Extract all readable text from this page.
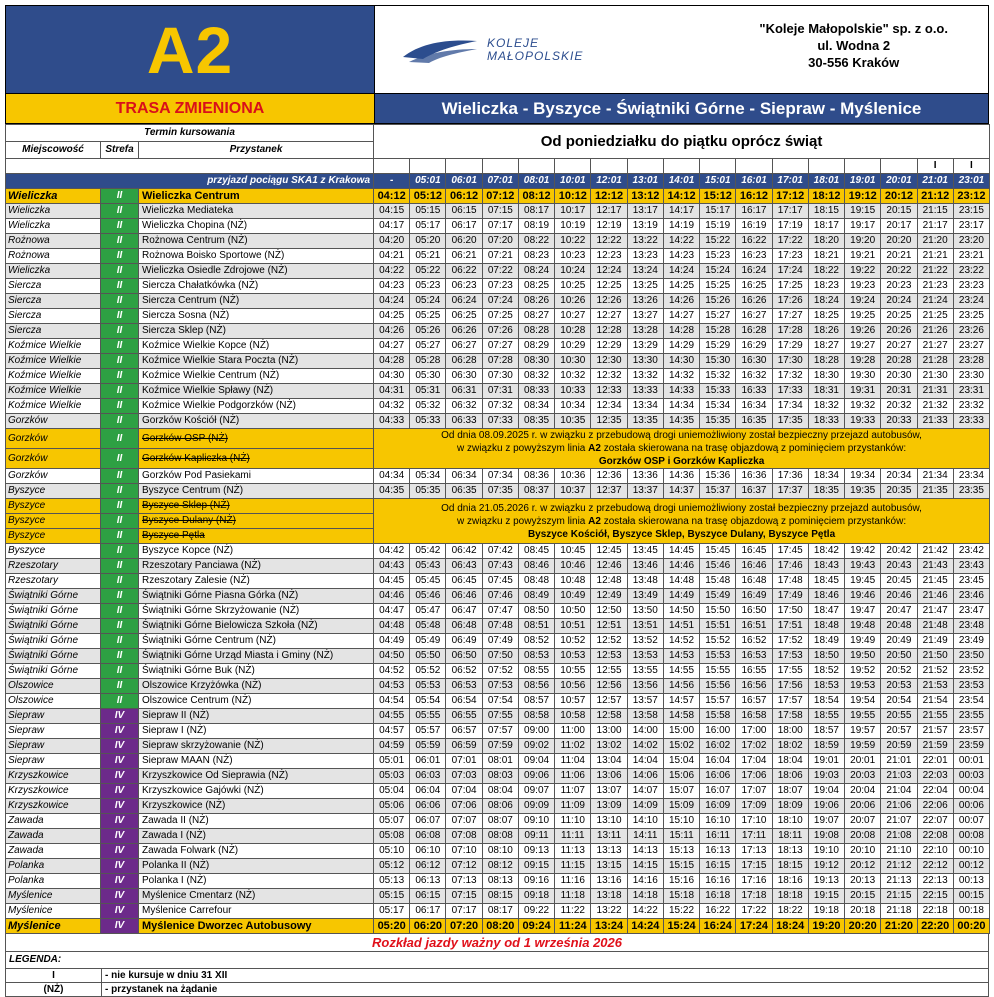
A2	KOLEJE
MAŁOPOLSKIE
"Koleje Małopolskie" sp. z o.o.
ul. Wodna 2
30-556 Kraków
TRASA ZMIENIONA	Wieliczka - Byszyce - Świątniki Górne - Siepraw - Myślenice
Termin kursowania			Od poniedziałku do piątku oprócz świąt																
Miejscowość	Strefa	Przystanek																	
																		I	I
przyjazd pociągu SKA1 z Krakowa			-	05:01	06:01	07:01	08:01	10:01	12:01	13:01	14:01	15:01	16:01	17:01	18:01	19:01	20:01	21:01	23:01
Wieliczka	II	Wieliczka Centrum	04:12	05:12	06:12	07:12	08:12	10:12	12:12	13:12	14:12	15:12	16:12	17:12	18:12	19:12	20:12	21:12	23:12
Wieliczka	II	Wieliczka Mediateka	04:15	05:15	06:15	07:15	08:17	10:17	12:17	13:17	14:17	15:17	16:17	17:17	18:15	19:15	20:15	21:15	23:15
Wieliczka	II	Wieliczka Chopina (NŻ)	04:17	05:17	06:17	07:17	08:19	10:19	12:19	13:19	14:19	15:19	16:19	17:19	18:17	19:17	20:17	21:17	23:17
Rożnowa	II	Rożnowa Centrum (NŻ)	04:20	05:20	06:20	07:20	08:22	10:22	12:22	13:22	14:22	15:22	16:22	17:22	18:20	19:20	20:20	21:20	23:20
Rożnowa	II	Rożnowa Boisko Sportowe (NŻ)	04:21	05:21	06:21	07:21	08:23	10:23	12:23	13:23	14:23	15:23	16:23	17:23	18:21	19:21	20:21	21:21	23:21
Wieliczka	II	Wieliczka Osiedle Zdrojowe (NŻ)	04:22	05:22	06:22	07:22	08:24	10:24	12:24	13:24	14:24	15:24	16:24	17:24	18:22	19:22	20:22	21:22	23:22
Siercza	II	Siercza Chałatkówka (NŻ)	04:23	05:23	06:23	07:23	08:25	10:25	12:25	13:25	14:25	15:25	16:25	17:25	18:23	19:23	20:23	21:23	23:23
Siercza	II	Siercza Centrum (NŻ)	04:24	05:24	06:24	07:24	08:26	10:26	12:26	13:26	14:26	15:26	16:26	17:26	18:24	19:24	20:24	21:24	23:24
Siercza	II	Siercza Sosna (NŻ)	04:25	05:25	06:25	07:25	08:27	10:27	12:27	13:27	14:27	15:27	16:27	17:27	18:25	19:25	20:25	21:25	23:25
Siercza	II	Siercza Sklep (NŻ)	04:26	05:26	06:26	07:26	08:28	10:28	12:28	13:28	14:28	15:28	16:28	17:28	18:26	19:26	20:26	21:26	23:26
Koźmice Wielkie	II	Koźmice Wielkie Kopce (NŻ)	04:27	05:27	06:27	07:27	08:29	10:29	12:29	13:29	14:29	15:29	16:29	17:29	18:27	19:27	20:27	21:27	23:27
Koźmice Wielkie	II	Koźmice Wielkie Stara Poczta (NŻ)	04:28	05:28	06:28	07:28	08:30	10:30	12:30	13:30	14:30	15:30	16:30	17:30	18:28	19:28	20:28	21:28	23:28
Koźmice Wielkie	II	Koźmice Wielkie Centrum (NŻ)	04:30	05:30	06:30	07:30	08:32	10:32	12:32	13:32	14:32	15:32	16:32	17:32	18:30	19:30	20:30	21:30	23:30
Koźmice Wielkie	II	Koźmice Wielkie Spławy (NŻ)	04:31	05:31	06:31	07:31	08:33	10:33	12:33	13:33	14:33	15:33	16:33	17:33	18:31	19:31	20:31	21:31	23:31
Koźmice Wielkie	II	Koźmice Wielkie Podgorzków (NŻ)	04:32	05:32	06:32	07:32	08:34	10:34	12:34	13:34	14:34	15:34	16:34	17:34	18:32	19:32	20:32	21:32	23:32
Gorzków	II	Gorzków Kościół (NŻ)	04:33	05:33	06:33	07:33	08:35	10:35	12:35	13:35	14:35	15:35	16:35	17:35	18:33	19:33	20:33	21:33	23:33
Gorzków	II	Gorzków OSP (NŻ)	Od dnia 08.09.2025 r. w związku z przebudową drogi uniemożliwiony został bezpieczny przejazd autobusów,
w związku z powyższym linia A2 została skierowana na trasę objazdową z pominięciem przystanków:
Gorzków OSP i Gorzków Kapliczka																

Gorzków	II	Gorzków Kapliczka (NŻ)																	
Gorzków	II	Gorzków Pod Pasiekami	04:34	05:34	06:34	07:34	08:36	10:36	12:36	13:36	14:36	15:36	16:36	17:36	18:34	19:34	20:34	21:34	23:34
Byszyce	II	Byszyce Centrum (NŻ)	04:35	05:35	06:35	07:35	08:37	10:37	12:37	13:37	14:37	15:37	16:37	17:37	18:35	19:35	20:35	21:35	23:35
Byszyce	II	Byszyce Sklep (NŻ)	Od dnia 21.05.2026 r. w związku z przebudową drogi uniemożliwiony został bezpieczny przejazd autobusów,
w związku z powyższym linia A2 została skierowana na trasę objazdową z pominięciem przystanków:
Byszyce Kościół, Byszyce Sklep, Byszyce Dulany, Byszyce Pętla																

Byszyce	II	Byszyce Dulany (NŻ)																	
Byszyce	II	Byszyce Pętla																	
Byszyce	II	Byszyce Kopce (NŻ)	04:42	05:42	06:42	07:42	08:45	10:45	12:45	13:45	14:45	15:45	16:45	17:45	18:42	19:42	20:42	21:42	23:42
Rzeszotary	II	Rzeszotary Panciawa (NŻ)	04:43	05:43	06:43	07:43	08:46	10:46	12:46	13:46	14:46	15:46	16:46	17:46	18:43	19:43	20:43	21:43	23:43
Rzeszotary	II	Rzeszotary Zalesie (NŻ)	04:45	05:45	06:45	07:45	08:48	10:48	12:48	13:48	14:48	15:48	16:48	17:48	18:45	19:45	20:45	21:45	23:45
Świątniki Górne	II	Świątniki Górne Piasna Górka (NŻ)	04:46	05:46	06:46	07:46	08:49	10:49	12:49	13:49	14:49	15:49	16:49	17:49	18:46	19:46	20:46	21:46	23:46
Świątniki Górne	II	Świątniki Górne Skrzyżowanie (NŻ)	04:47	05:47	06:47	07:47	08:50	10:50	12:50	13:50	14:50	15:50	16:50	17:50	18:47	19:47	20:47	21:47	23:47
Świątniki Górne	II	Świątniki Górne Bielowicza Szkoła (NŻ)	04:48	05:48	06:48	07:48	08:51	10:51	12:51	13:51	14:51	15:51	16:51	17:51	18:48	19:48	20:48	21:48	23:48
Świątniki Górne	II	Świątniki Górne Centrum (NŻ)	04:49	05:49	06:49	07:49	08:52	10:52	12:52	13:52	14:52	15:52	16:52	17:52	18:49	19:49	20:49	21:49	23:49
Świątniki Górne	II	Świątniki Górne Urząd Miasta i Gminy (NŻ)	04:50	05:50	06:50	07:50	08:53	10:53	12:53	13:53	14:53	15:53	16:53	17:53	18:50	19:50	20:50	21:50	23:50
Świątniki Górne	II	Świątniki Górne Buk (NŻ)	04:52	05:52	06:52	07:52	08:55	10:55	12:55	13:55	14:55	15:55	16:55	17:55	18:52	19:52	20:52	21:52	23:52
Olszowice	II	Olszowice Krzyżówka (NŻ)	04:53	05:53	06:53	07:53	08:56	10:56	12:56	13:56	14:56	15:56	16:56	17:56	18:53	19:53	20:53	21:53	23:53
Olszowice	II	Olszowice Centrum (NŻ)	04:54	05:54	06:54	07:54	08:57	10:57	12:57	13:57	14:57	15:57	16:57	17:57	18:54	19:54	20:54	21:54	23:54
Siepraw	IV	Siepraw II (NŻ)	04:55	05:55	06:55	07:55	08:58	10:58	12:58	13:58	14:58	15:58	16:58	17:58	18:55	19:55	20:55	21:55	23:55
Siepraw	IV	Siepraw I (NŻ)	04:57	05:57	06:57	07:57	09:00	11:00	13:00	14:00	15:00	16:00	17:00	18:00	18:57	19:57	20:57	21:57	23:57
Siepraw	IV	Siepraw skrzyżowanie (NŻ)	04:59	05:59	06:59	07:59	09:02	11:02	13:02	14:02	15:02	16:02	17:02	18:02	18:59	19:59	20:59	21:59	23:59
Siepraw	IV	Siepraw MAAN (NŻ)	05:01	06:01	07:01	08:01	09:04	11:04	13:04	14:04	15:04	16:04	17:04	18:04	19:01	20:01	21:01	22:01	00:01
Krzyszkowice	IV	Krzyszkowice Od Sieprawia (NŻ)	05:03	06:03	07:03	08:03	09:06	11:06	13:06	14:06	15:06	16:06	17:06	18:06	19:03	20:03	21:03	22:03	00:03
Krzyszkowice	IV	Krzyszkowice Gajówki (NŻ)	05:04	06:04	07:04	08:04	09:07	11:07	13:07	14:07	15:07	16:07	17:07	18:07	19:04	20:04	21:04	22:04	00:04
Krzyszkowice	IV	Krzyszkowice (NŻ)	05:06	06:06	07:06	08:06	09:09	11:09	13:09	14:09	15:09	16:09	17:09	18:09	19:06	20:06	21:06	22:06	00:06
Zawada	IV	Zawada II (NŻ)	05:07	06:07	07:07	08:07	09:10	11:10	13:10	14:10	15:10	16:10	17:10	18:10	19:07	20:07	21:07	22:07	00:07
Zawada	IV	Zawada I (NŻ)	05:08	06:08	07:08	08:08	09:11	11:11	13:11	14:11	15:11	16:11	17:11	18:11	19:08	20:08	21:08	22:08	00:08
Zawada	IV	Zawada Folwark (NŻ)	05:10	06:10	07:10	08:10	09:13	11:13	13:13	14:13	15:13	16:13	17:13	18:13	19:10	20:10	21:10	22:10	00:10
Polanka	IV	Polanka II (NŻ)	05:12	06:12	07:12	08:12	09:15	11:15	13:15	14:15	15:15	16:15	17:15	18:15	19:12	20:12	21:12	22:12	00:12
Polanka	IV	Polanka I (NŻ)	05:13	06:13	07:13	08:13	09:16	11:16	13:16	14:16	15:16	16:16	17:16	18:16	19:13	20:13	21:13	22:13	00:13
Myślenice	IV	Myślenice Cmentarz (NŻ)	05:15	06:15	07:15	08:15	09:18	11:18	13:18	14:18	15:18	16:18	17:18	18:18	19:15	20:15	21:15	22:15	00:15
Myślenice	IV	Myślenice Carrefour	05:17	06:17	07:17	08:17	09:22	11:22	13:22	14:22	15:22	16:22	17:22	18:22	19:18	20:18	21:18	22:18	00:18
Myślenice	IV	Myślenice Dworzec Autobusowy	05:20	06:20	07:20	08:20	09:24	11:24	13:24	14:24	15:24	16:24	17:24	18:24	19:20	20:20	21:20	22:20	00:20
Rozkład jazdy ważny od 1 września 2026
LEGENDA:
I	- nie kursuje w dniu 31 XII
(NŻ)	- przystanek na żądanie
